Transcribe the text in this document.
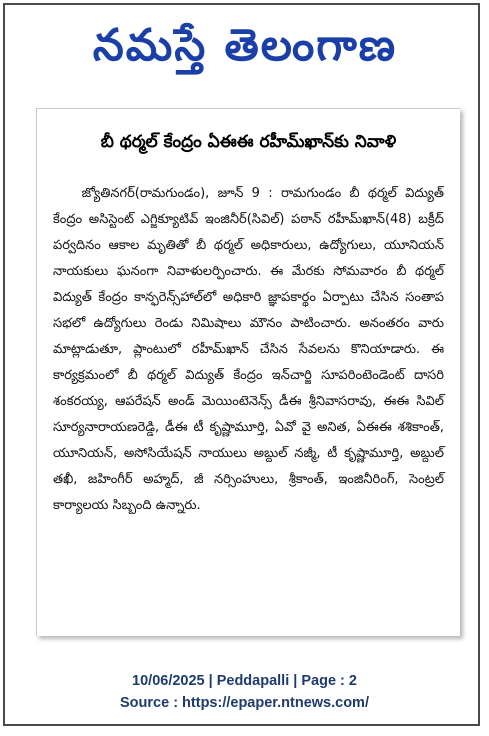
నమస్తే తెలంగాణ
బీ థర్మల్ కేంద్రం ఏఈఈ రహీమ్‌ఖాన్‌కు నివాళి
జ్యోతినగర్(రామగుండం), జూన్ 9 : రామగుండం బీ థర్మల్ విద్యుత్ కేంద్రం అసిస్టెంట్ ఎగ్జిక్యూటివ్ ఇంజినీర్(సివిల్) పఠాన్ రహీమ్‌ఖాన్(48) బక్రీద్ పర్వదినం ఆకాల మృతితో బీ థర్మల్ అధికారులు, ఉద్యోగులు, యూనియన్ నాయకులు ఘనంగా నివాళులర్పించారు. ఈ మేరకు సోమవారం బీ థర్మల్ విద్యుత్ కేంద్రం కాన్ఫరెన్స్‌హాల్‌లో అధికారి జ్ఞాపకార్థం ఏర్పాటు చేసిన సంతాప సభలో ఉద్యోగులు రెండు నిమిషాలు మౌనం పాటించారు. అనంతరం వారు మాట్లాడుతూ, ప్లాంటులో రహీమ్‌ఖాన్ చేసిన సేవలను కొనియాడారు. ఈ కార్యక్రమంలో బీ థర్మల్ విద్యుత్ కేంద్రం ఇన్‌చార్జి సూపరింటెండెంట్ దాసరి శంకరయ్య, ఆపరేషన్ అండ్ మెయింటెనెన్స్ డీఈ శ్రీనివాసరావు, ఈఈ సివిల్ సూర్యనారాయణరెడ్డి, డీఈ టీ కృష్ణామూర్తి, ఏవో వై అనిత, ఏఈఈ శశికాంత్, యూనియన్, అసోసియేషన్ నాయులు అబ్దుల్ నజ్మీ, టీ కృష్ణామూర్తి, అబ్దుల్ తఖీ, జహింగీర్ అహ్మద్, జీ నర్సింహులు, శ్రీకాంత్, ఇంజినీరింగ్, సెంట్రల్ కార్యాలయ సిబ్బంది ఉన్నారు.
10/06/2025 | Peddapalli | Page : 2
Source : https://epaper.ntnews.com/
